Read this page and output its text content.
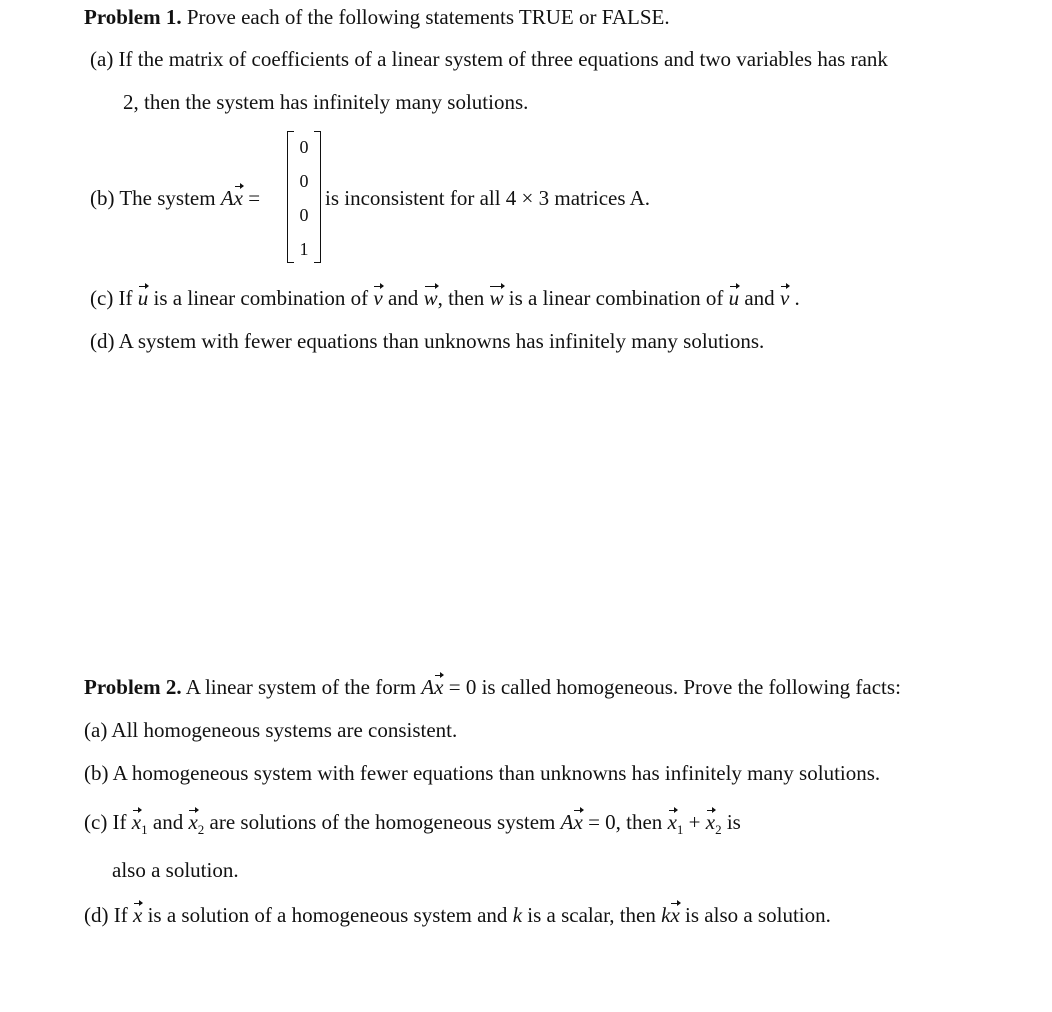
Problem 1. Prove each of the following statements TRUE or FALSE.
(a) If the matrix of coefficients of a linear system of three equations and two variables has rank
2, then the system has infinitely many solutions.
(b) The system Ax =
0
0
0
1
is inconsistent for all 4 × 3 matrices A.
(c) If u is a linear combination of v and w, then w is a linear combination of u and v .
(d) A system with fewer equations than unknowns has infinitely many solutions.
Problem 2. A linear system of the form Ax = 0 is called homogeneous. Prove the following facts:
(a) All homogeneous systems are consistent.
(b) A homogeneous system with fewer equations than unknowns has infinitely many solutions.
(c) If $x_1$ and $x_2$ are solutions of the homogeneous system Ax = 0, then $x_1 + x_2$ is
also a solution.
(d) If x is a solution of a homogeneous system and k is a scalar, then kx is also a solution.
